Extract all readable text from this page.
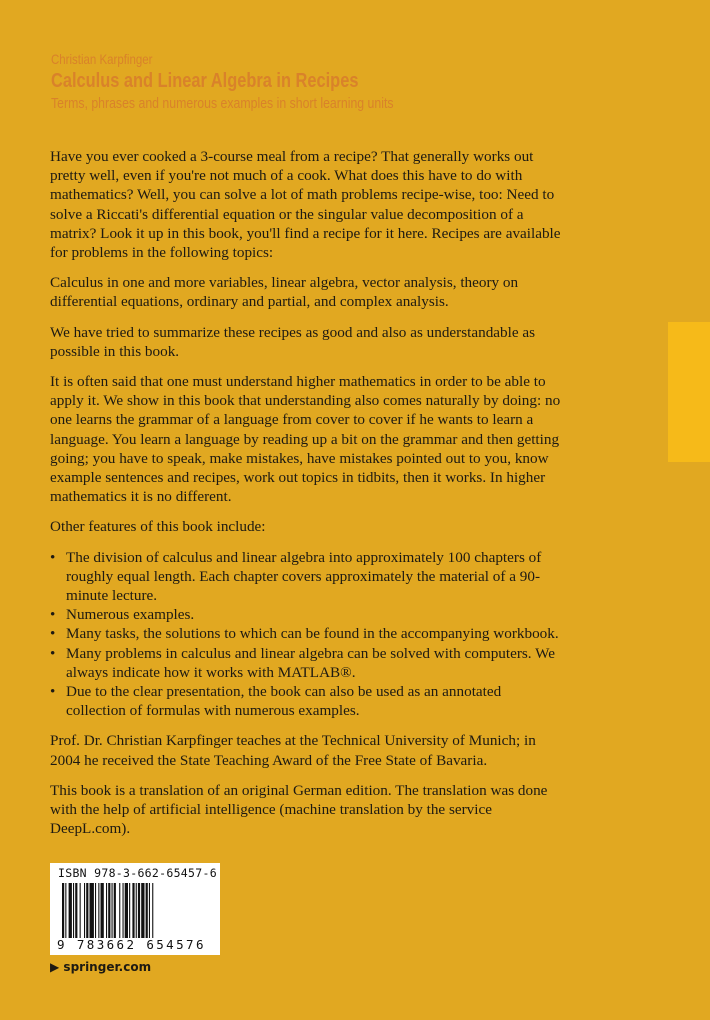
Christian Karpfinger
Calculus and Linear Algebra in Recipes
Terms, phrases and numerous examples in short learning units

Have you ever cooked a 3-course meal from a recipe? That generally works out pretty well, even if you're not much of a cook. What does this have to do with mathematics? Well, you can solve a lot of math problems recipe-wise, too: Need to solve a Riccati's differential equation or the singular value decomposition of a matrix? Look it up in this book, you'll find a recipe for it here. Recipes are available for problems in the following topics:

Calculus in one and more variables, linear algebra, vector analysis, theory on differential equations, ordinary and partial, and complex analysis.

We have tried to summarize these recipes as good and also as understandable as possible in this book.

It is often said that one must understand higher mathematics in order to be able to apply it. We show in this book that understanding also comes naturally by doing: no one learns the grammar of a language from cover to cover if he wants to learn a language. You learn a language by reading up a bit on the grammar and then getting going; you have to speak, make mistakes, have mistakes pointed out to you, know example sentences and recipes, work out topics in tidbits, then it works. In higher mathematics it is no different.

Other features of this book include:

• The division of calculus and linear algebra into approximately 100 chapters of roughly equal length. Each chapter covers approximately the material of a 90-minute lecture.
• Numerous examples.
• Many tasks, the solutions to which can be found in the accompanying workbook.
• Many problems in calculus and linear algebra can be solved with computers. We always indicate how it works with MATLAB®.
• Due to the clear presentation, the book can also be used as an annotated collection of formulas with numerous examples.

Prof. Dr. Christian Karpfinger teaches at the Technical University of Munich; in 2004 he received the State Teaching Award of the Free State of Bavaria.

This book is a translation of an original German edition. The translation was done with the help of artificial intelligence (machine translation by the service DeepL.com).

ISBN 978-3-662-65457-6
9 783662 654576
▶ springer.com
